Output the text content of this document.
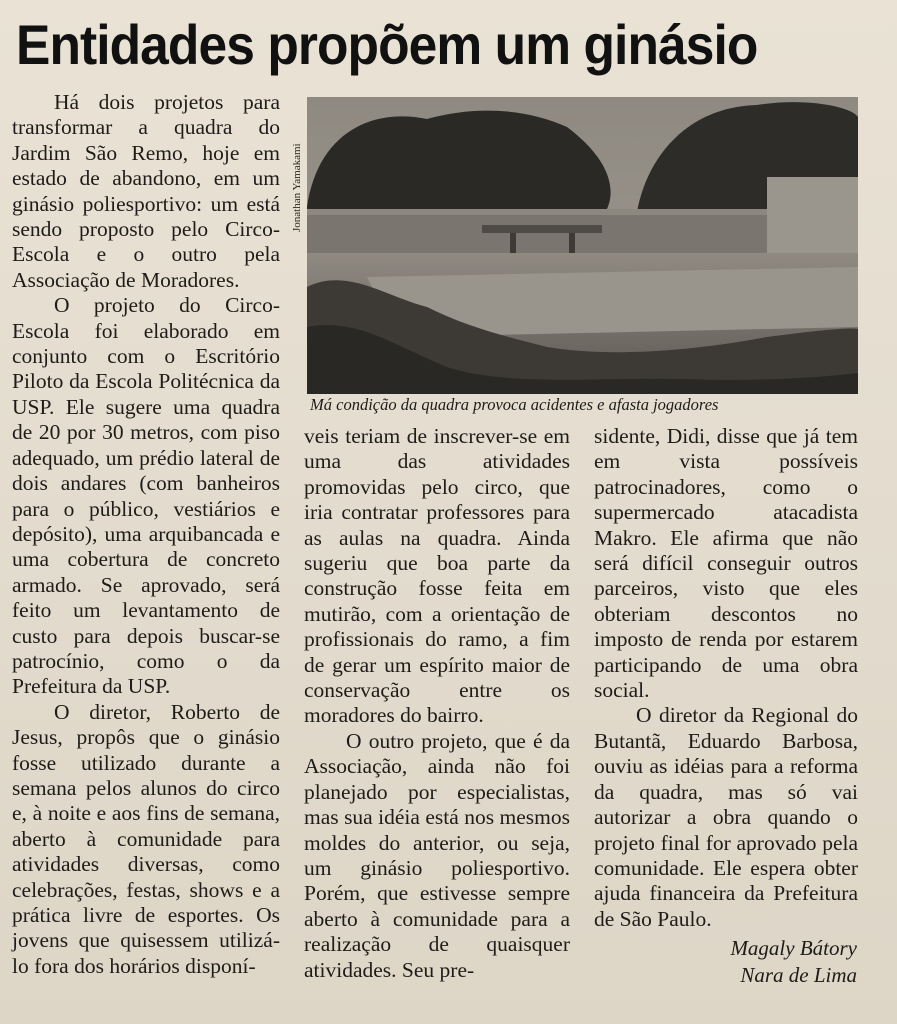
Entidades propõem um ginásio

Há dois projetos para transformar a quadra do Jardim São Remo, hoje em estado de abandono, em um ginásio poliesportivo: um está sendo proposto pelo Circo-Escola e o outro pela Associação de Moradores.

O projeto do Circo-Escola foi elaborado em conjunto com o Escritório Piloto da Escola Politécnica da USP. Ele sugere uma quadra de 20 por 30 metros, com piso adequado, um prédio lateral de dois andares (com banheiros para o público, vestiários e depósito), uma arquibancada e uma cobertura de concreto armado. Se aprovado, será feito um levantamento de custo para depois buscar-se patrocínio, como o da Prefeitura da USP.

O diretor, Roberto de Jesus, propôs que o ginásio fosse utilizado durante a semana pelos alunos do circo e, à noite e aos fins de semana, aberto à comunidade para atividades diversas, como celebrações, festas, shows e a prática livre de esportes. Os jovens que quisessem utilizá-lo fora dos horários disponí-

Jonathan Yamakami
Má condição da quadra provoca acidentes e afasta jogadores

veis teriam de inscrever-se em uma das atividades promovidas pelo circo, que iria contratar professores para as aulas na quadra. Ainda sugeriu que boa parte da construção fosse feita em mutirão, com a orientação de profissionais do ramo, a fim de gerar um espírito maior de conservação entre os moradores do bairro.

O outro projeto, que é da Associação, ainda não foi planejado por especialistas, mas sua idéia está nos mesmos moldes do anterior, ou seja, um ginásio poliesportivo. Porém, que estivesse sempre aberto à comunidade para a realização de quaisquer atividades. Seu pre-

sidente, Didi, disse que já tem em vista possíveis patrocinadores, como o supermercado atacadista Makro. Ele afirma que não será difícil conseguir outros parceiros, visto que eles obteriam descontos no imposto de renda por estarem participando de uma obra social.

O diretor da Regional do Butantã, Eduardo Barbosa, ouviu as idéias para a reforma da quadra, mas só vai autorizar a obra quando o projeto final for aprovado pela comunidade. Ele espera obter ajuda financeira da Prefeitura de São Paulo.

Magaly Bátory
Nara de Lima
